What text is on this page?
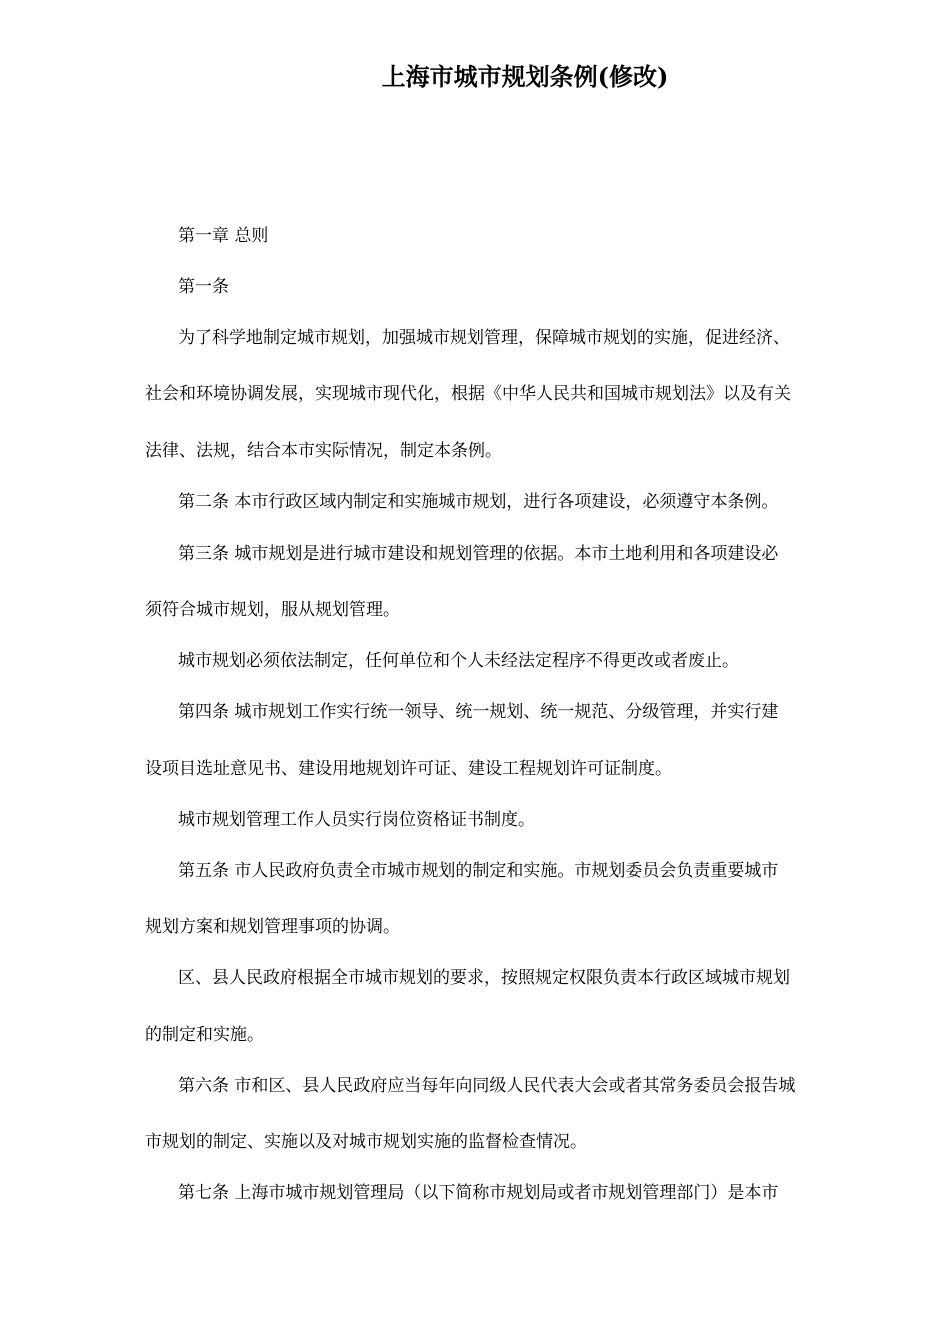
上海市城市规划条例(修改)

第一章 总则

第一条

为了科学地制定城市规划，加强城市规划管理，保障城市规划的实施，促进经济、

社会和环境协调发展，实现城市现代化，根据《中华人民共和国城市规划法》以及有关

法律、法规，结合本市实际情况，制定本条例。

第二条 本市行政区域内制定和实施城市规划，进行各项建设，必须遵守本条例。

第三条 城市规划是进行城市建设和规划管理的依据。本市土地利用和各项建设必

须符合城市规划，服从规划管理。

城市规划必须依法制定，任何单位和个人未经法定程序不得更改或者废止。

第四条 城市规划工作实行统一领导、统一规划、统一规范、分级管理，并实行建

设项目选址意见书、建设用地规划许可证、建设工程规划许可证制度。

城市规划管理工作人员实行岗位资格证书制度。

第五条 市人民政府负责全市城市规划的制定和实施。市规划委员会负责重要城市

规划方案和规划管理事项的协调。

区、县人民政府根据全市城市规划的要求，按照规定权限负责本行政区域城市规划

的制定和实施。

第六条 市和区、县人民政府应当每年向同级人民代表大会或者其常务委员会报告城

市规划的制定、实施以及对城市规划实施的监督检查情况。

第七条 上海市城市规划管理局（以下简称市规划局或者市规划管理部门）是本市
